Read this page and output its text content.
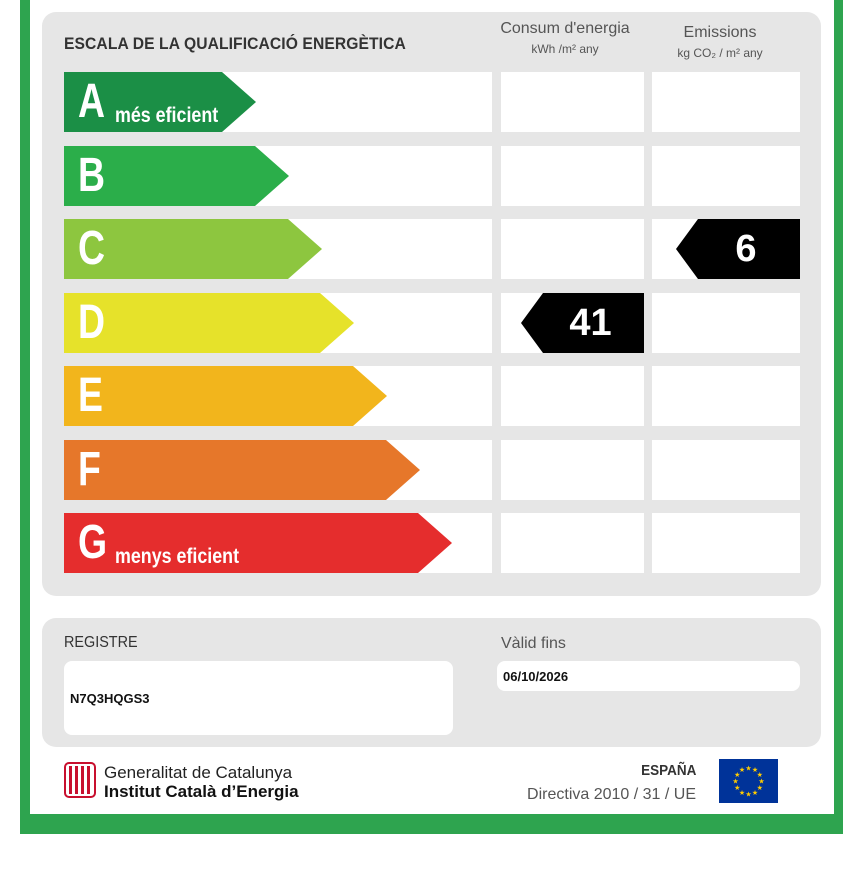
ESCALA DE LA QUALIFICACIÓ ENERGÈTICA
Consum d'energia
kWh /m² any
Emissions
kg CO₂ / m² any
A més eficient
B
C
D
E
F
G menys eficient
41
6
REGISTRE
N7Q3HQGS3
Vàlid fins
06/10/2026
Generalitat de Catalunya
Institut Català d’Energia
ESPAÑA
Directiva 2010 / 31 / UE
★ ★
★
★
★
★
★
★
★
★
★
★
